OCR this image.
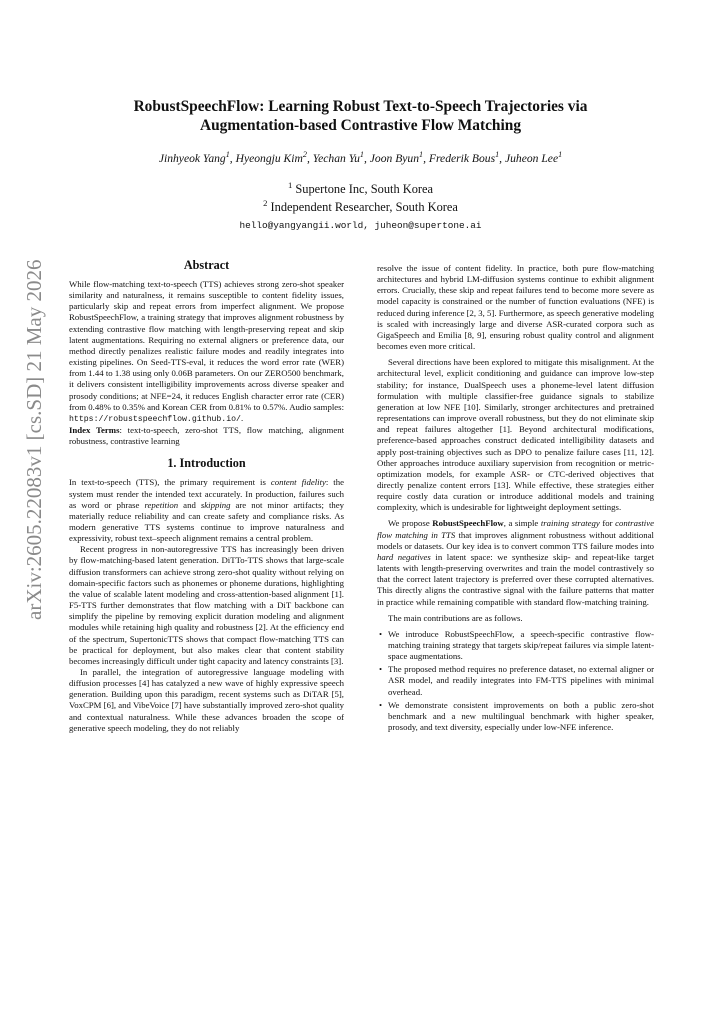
arXiv:2605.22083v1 [cs.SD] 21 May 2026
RobustSpeechFlow: Learning Robust Text-to-Speech Trajectories via
Augmentation-based Contrastive Flow Matching
Jinhyeok Yang$^1$, Hyeongju Kim$^2$, Yechan Yu$^1$, Joon Byun$^1$, Frederik Bous$^1$, Juheon Lee$^1$
$^1$ Supertone Inc, South Korea
$^2$ Independent Researcher, South Korea
hello@yangyangii.world, juheon@supertone.ai
Abstract

While flow-matching text-to-speech (TTS) achieves strong zero-shot speaker similarity and naturalness, it remains susceptible to content fidelity issues, particularly skip and repeat errors from imperfect alignment. We propose RobustSpeechFlow, a training strategy that improves alignment robustness by extending contrastive flow matching with length-preserving repeat and skip latent augmentations. Requiring no external aligners or preference data, our method directly penalizes realistic failure modes and readily integrates into existing pipelines. On Seed-TTS-eval, it reduces the word error rate (WER) from 1.44 to 1.38 using only 0.06B parameters. On our ZERO500 benchmark, it delivers consistent intelligibility improvements across diverse speaker and prosody conditions; at NFE=24, it reduces English character error rate (CER) from 0.48% to 0.35% and Korean CER from 0.81% to 0.57%. Audio samples: https://robustspeechflow.github.io/.

Index Terms: text-to-speech, zero-shot TTS, flow matching, alignment robustness, contrastive learning

1. Introduction

In text-to-speech (TTS), the primary requirement is content fidelity: the system must render the intended text accurately. In production, failures such as word or phrase repetition and skipping are not minor artifacts; they materially reduce reliability and can create safety and compliance risks. As modern generative TTS systems continue to improve naturalness and expressivity, robust text–speech alignment remains a central problem.

Recent progress in non-autoregressive TTS has increasingly been driven by flow-matching-based latent generation. DiTTo-TTS shows that large-scale diffusion transformers can achieve strong zero-shot quality without relying on domain-specific factors such as phonemes or phoneme durations, highlighting the value of scalable latent modeling and cross-attention-based alignment [1]. F5-TTS further demonstrates that flow matching with a DiT backbone can simplify the pipeline by removing explicit duration modeling and alignment modules while retaining high quality and robustness [2]. At the efficiency end of the spectrum, SupertonicTTS shows that compact flow-matching TTS can be practical for deployment, but also makes clear that content stability becomes increasingly difficult under tight capacity and latency constraints [3].

In parallel, the integration of autoregressive language modeling with diffusion processes [4] has catalyzed a new wave of highly expressive speech generation. Building upon this paradigm, recent systems such as DiTAR [5], VoxCPM [6], and VibeVoice [7] have substantially improved zero-shot quality and contextual naturalness. While these advances broaden the scope of generative speech modeling, they do not reliably

resolve the issue of content fidelity. In practice, both pure flow-matching architectures and hybrid LM-diffusion systems continue to exhibit alignment errors. Crucially, these skip and repeat failures tend to become more severe as model capacity is constrained or the number of function evaluations (NFE) is reduced during inference [2, 3, 5]. Furthermore, as speech generative modeling is scaled with increasingly large and diverse ASR-curated corpora such as GigaSpeech and Emilia [8, 9], ensuring robust quality control and alignment becomes even more critical.

Several directions have been explored to mitigate this misalignment. At the architectural level, explicit conditioning and guidance can improve low-step stability; for instance, DualSpeech uses a phoneme-level latent diffusion formulation with multiple classifier-free guidance signals to stabilize generation at low NFE [10]. Similarly, stronger architectures and pretrained representations can improve overall robustness, but they do not eliminate skip and repeat failures altogether [1]. Beyond architectural modifications, preference-based approaches construct dedicated intelligibility datasets and apply post-training objectives such as DPO to penalize failure cases [11, 12]. Other approaches introduce auxiliary supervision from recognition or metric-optimization models, for example ASR- or CTC-derived objectives that directly penalize content errors [13]. While effective, these strategies either require costly data curation or introduce additional models and training complexity, which is undesirable for lightweight deployment settings.

We propose RobustSpeechFlow, a simple training strategy for contrastive flow matching in TTS that improves alignment robustness without additional models or datasets. Our key idea is to convert common TTS failure modes into hard negatives in latent space: we synthesize skip- and repeat-like target latents with length-preserving overwrites and train the model contrastively so that the correct latent trajectory is preferred over these corrupted alternatives. This directly aligns the contrastive signal with the failure patterns that matter in practice while remaining compatible with standard flow-matching training.

The main contributions are as follows.

• We introduce RobustSpeechFlow, a speech-specific contrastive flow-matching training strategy that targets skip/repeat failures via simple latent-space augmentations.
• The proposed method requires no preference dataset, no external aligner or ASR model, and readily integrates into FM-TTS pipelines with minimal overhead.
• We demonstrate consistent improvements on both a public zero-shot benchmark and a new multilingual benchmark with higher speaker, prosody, and text diversity, especially under low-NFE inference.
